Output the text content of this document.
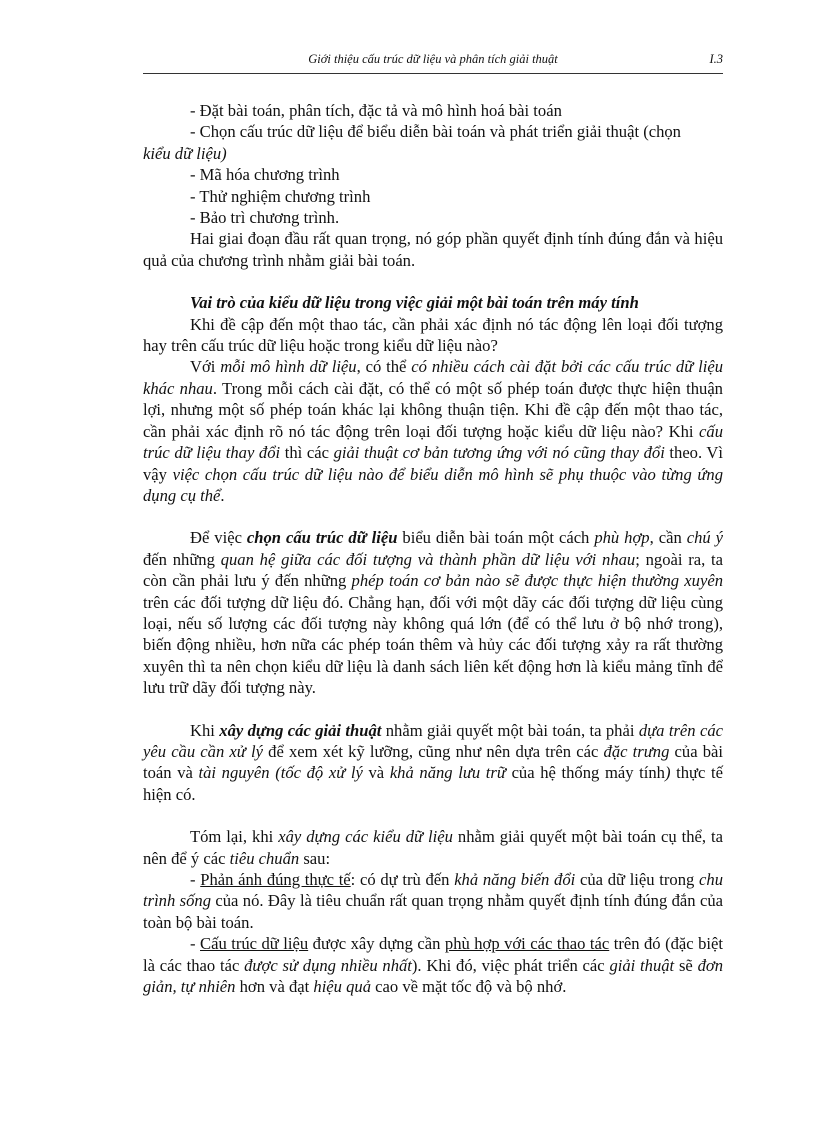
Giới thiệu cấu trúc dữ liệu và phân tích giải thuật	I.3

- Đặt bài toán, phân tích, đặc tả và mô hình hoá bài toán

- Chọn cấu trúc dữ liệu để biểu diễn bài toán và phát triển giải thuật (chọn

kiểu dữ liệu)

- Mã hóa chương trình

- Thử nghiệm chương trình

- Bảo trì chương trình.

Hai giai đoạn đầu rất quan trọng, nó góp phần quyết định tính đúng đắn và hiệu quả của chương trình nhằm giải bài toán.

Vai trò của kiểu dữ liệu trong việc giải một bài toán trên máy tính

Khi đề cập đến một thao tác, cần phải xác định nó tác động lên loại đối tượng hay trên cấu trúc dữ liệu hoặc trong kiểu dữ liệu nào?

Với mỗi mô hình dữ liệu, có thể có nhiều cách cài đặt bởi các cấu trúc dữ liệu khác nhau. Trong mỗi cách cài đặt, có thể có một số phép toán được thực hiện thuận lợi, nhưng một số phép toán khác lại không thuận tiện. Khi đề cập đến một thao tác, cần phải xác định rõ nó tác động trên loại đối tượng hoặc kiểu dữ liệu nào? Khi cấu trúc dữ liệu thay đổi thì các giải thuật cơ bản tương ứng với nó cũng thay đổi theo. Vì vậy việc chọn cấu trúc dữ liệu nào để biểu diễn mô hình sẽ phụ thuộc vào từng ứng dụng cụ thể.

Để việc chọn cấu trúc dữ liệu biểu diễn bài toán một cách phù hợp, cần chú ý đến những quan hệ giữa các đối tượng và thành phần dữ liệu với nhau; ngoài ra, ta còn cần phải lưu ý đến những phép toán cơ bản nào sẽ được thực hiện thường xuyên trên các đối tượng dữ liệu đó. Chẳng hạn, đối với một dãy các đối tượng dữ liệu cùng loại, nếu số lượng các đối tượng này không quá lớn (để có thể lưu ở bộ nhớ trong), biến động nhiều, hơn nữa các phép toán thêm và hủy các đối tượng xảy ra rất thường xuyên thì ta nên chọn kiểu dữ liệu là danh sách liên kết động hơn là kiểu mảng tĩnh để lưu trữ dãy đối tượng này.

Khi xây dựng các giải thuật nhằm giải quyết một bài toán, ta phải dựa trên các yêu cầu cần xử lý để xem xét kỹ lưỡng, cũng như nên dựa trên các đặc trưng của bài toán và tài nguyên (tốc độ xử lý và khả năng lưu trữ của hệ thống máy tính) thực tế hiện có.

Tóm lại, khi xây dựng các kiểu dữ liệu nhằm giải quyết một bài toán cụ thể, ta nên để ý các tiêu chuẩn sau:

- Phản ánh đúng thực tế: có dự trù đến khả năng biến đổi của dữ liệu trong chu trình sống của nó. Đây là tiêu chuẩn rất quan trọng nhằm quyết định tính đúng đắn của toàn bộ bài toán.

- Cấu trúc dữ liệu được xây dựng cần phù hợp với các thao tác trên đó (đặc biệt là các thao tác được sử dụng nhiều nhất). Khi đó, việc phát triển các giải thuật sẽ đơn giản, tự nhiên hơn và đạt hiệu quả cao về mặt tốc độ và bộ nhớ.
